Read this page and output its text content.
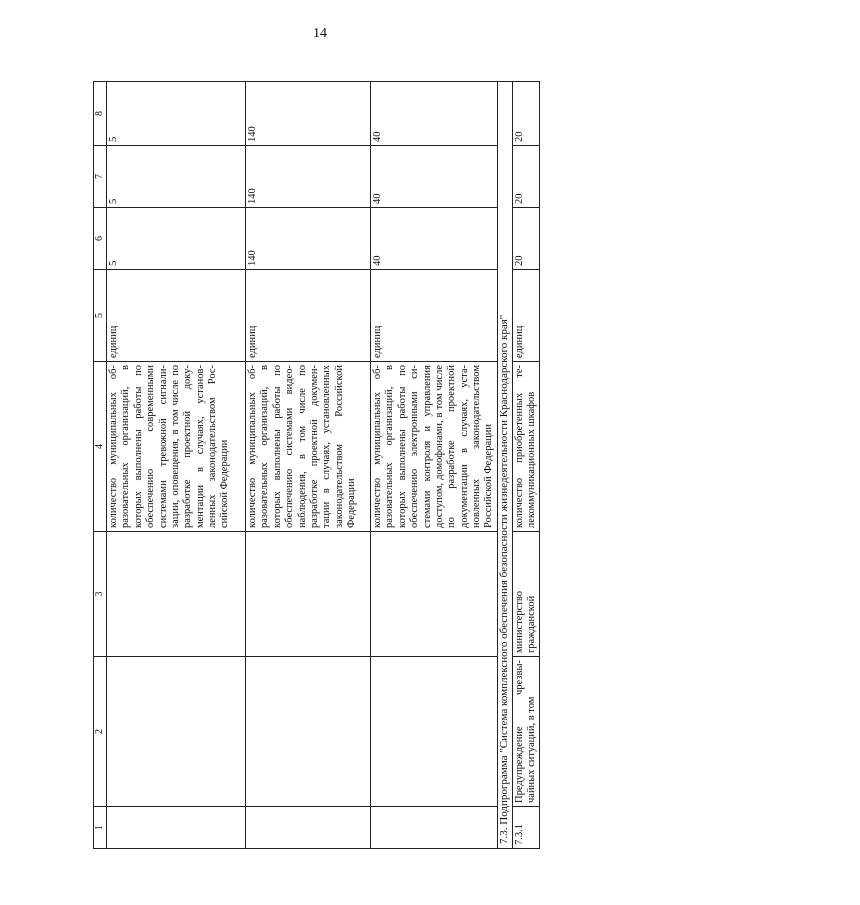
14
1	2	3	4	5	6	7	8
			количество муниципальных об-разовательных организаций, в которых выполнены работы по обеспечению современными системами тревожной сигнали-зации, оповещения, в том числе по разработке проектной доку-ментации в случаях, установ-ленных законодательством Рос-сийской Федерации	единиц	5	5	5
			количество муниципальных об-разовательных организаций, в которых выполнены работы по обеспечению системами видео-наблюдения, в том числе по разработке проектной докумен-тации в случаях, установленных законодательством Российской Федерации	единиц	140	140	140
			количество муниципальных об-разовательных организаций, в которых выполнены работы по обеспечению электронными си-стемами контроля и управления доступом, домофонами, в том числе по разработке проектной документации в случаях, уста-новленных законодательством Российской Федерации	единиц	40	40	40
7.3. Подпрограмма "Система комплексного обеспечения безопасности жизнедеятельности Краснодарского края"							
7.3.1	Предупреждение чрезвы-чайных ситуаций, в том	министерство гражданской	количество приобретенных те-лекоммуникационных шкафов	единиц	20	20	20
